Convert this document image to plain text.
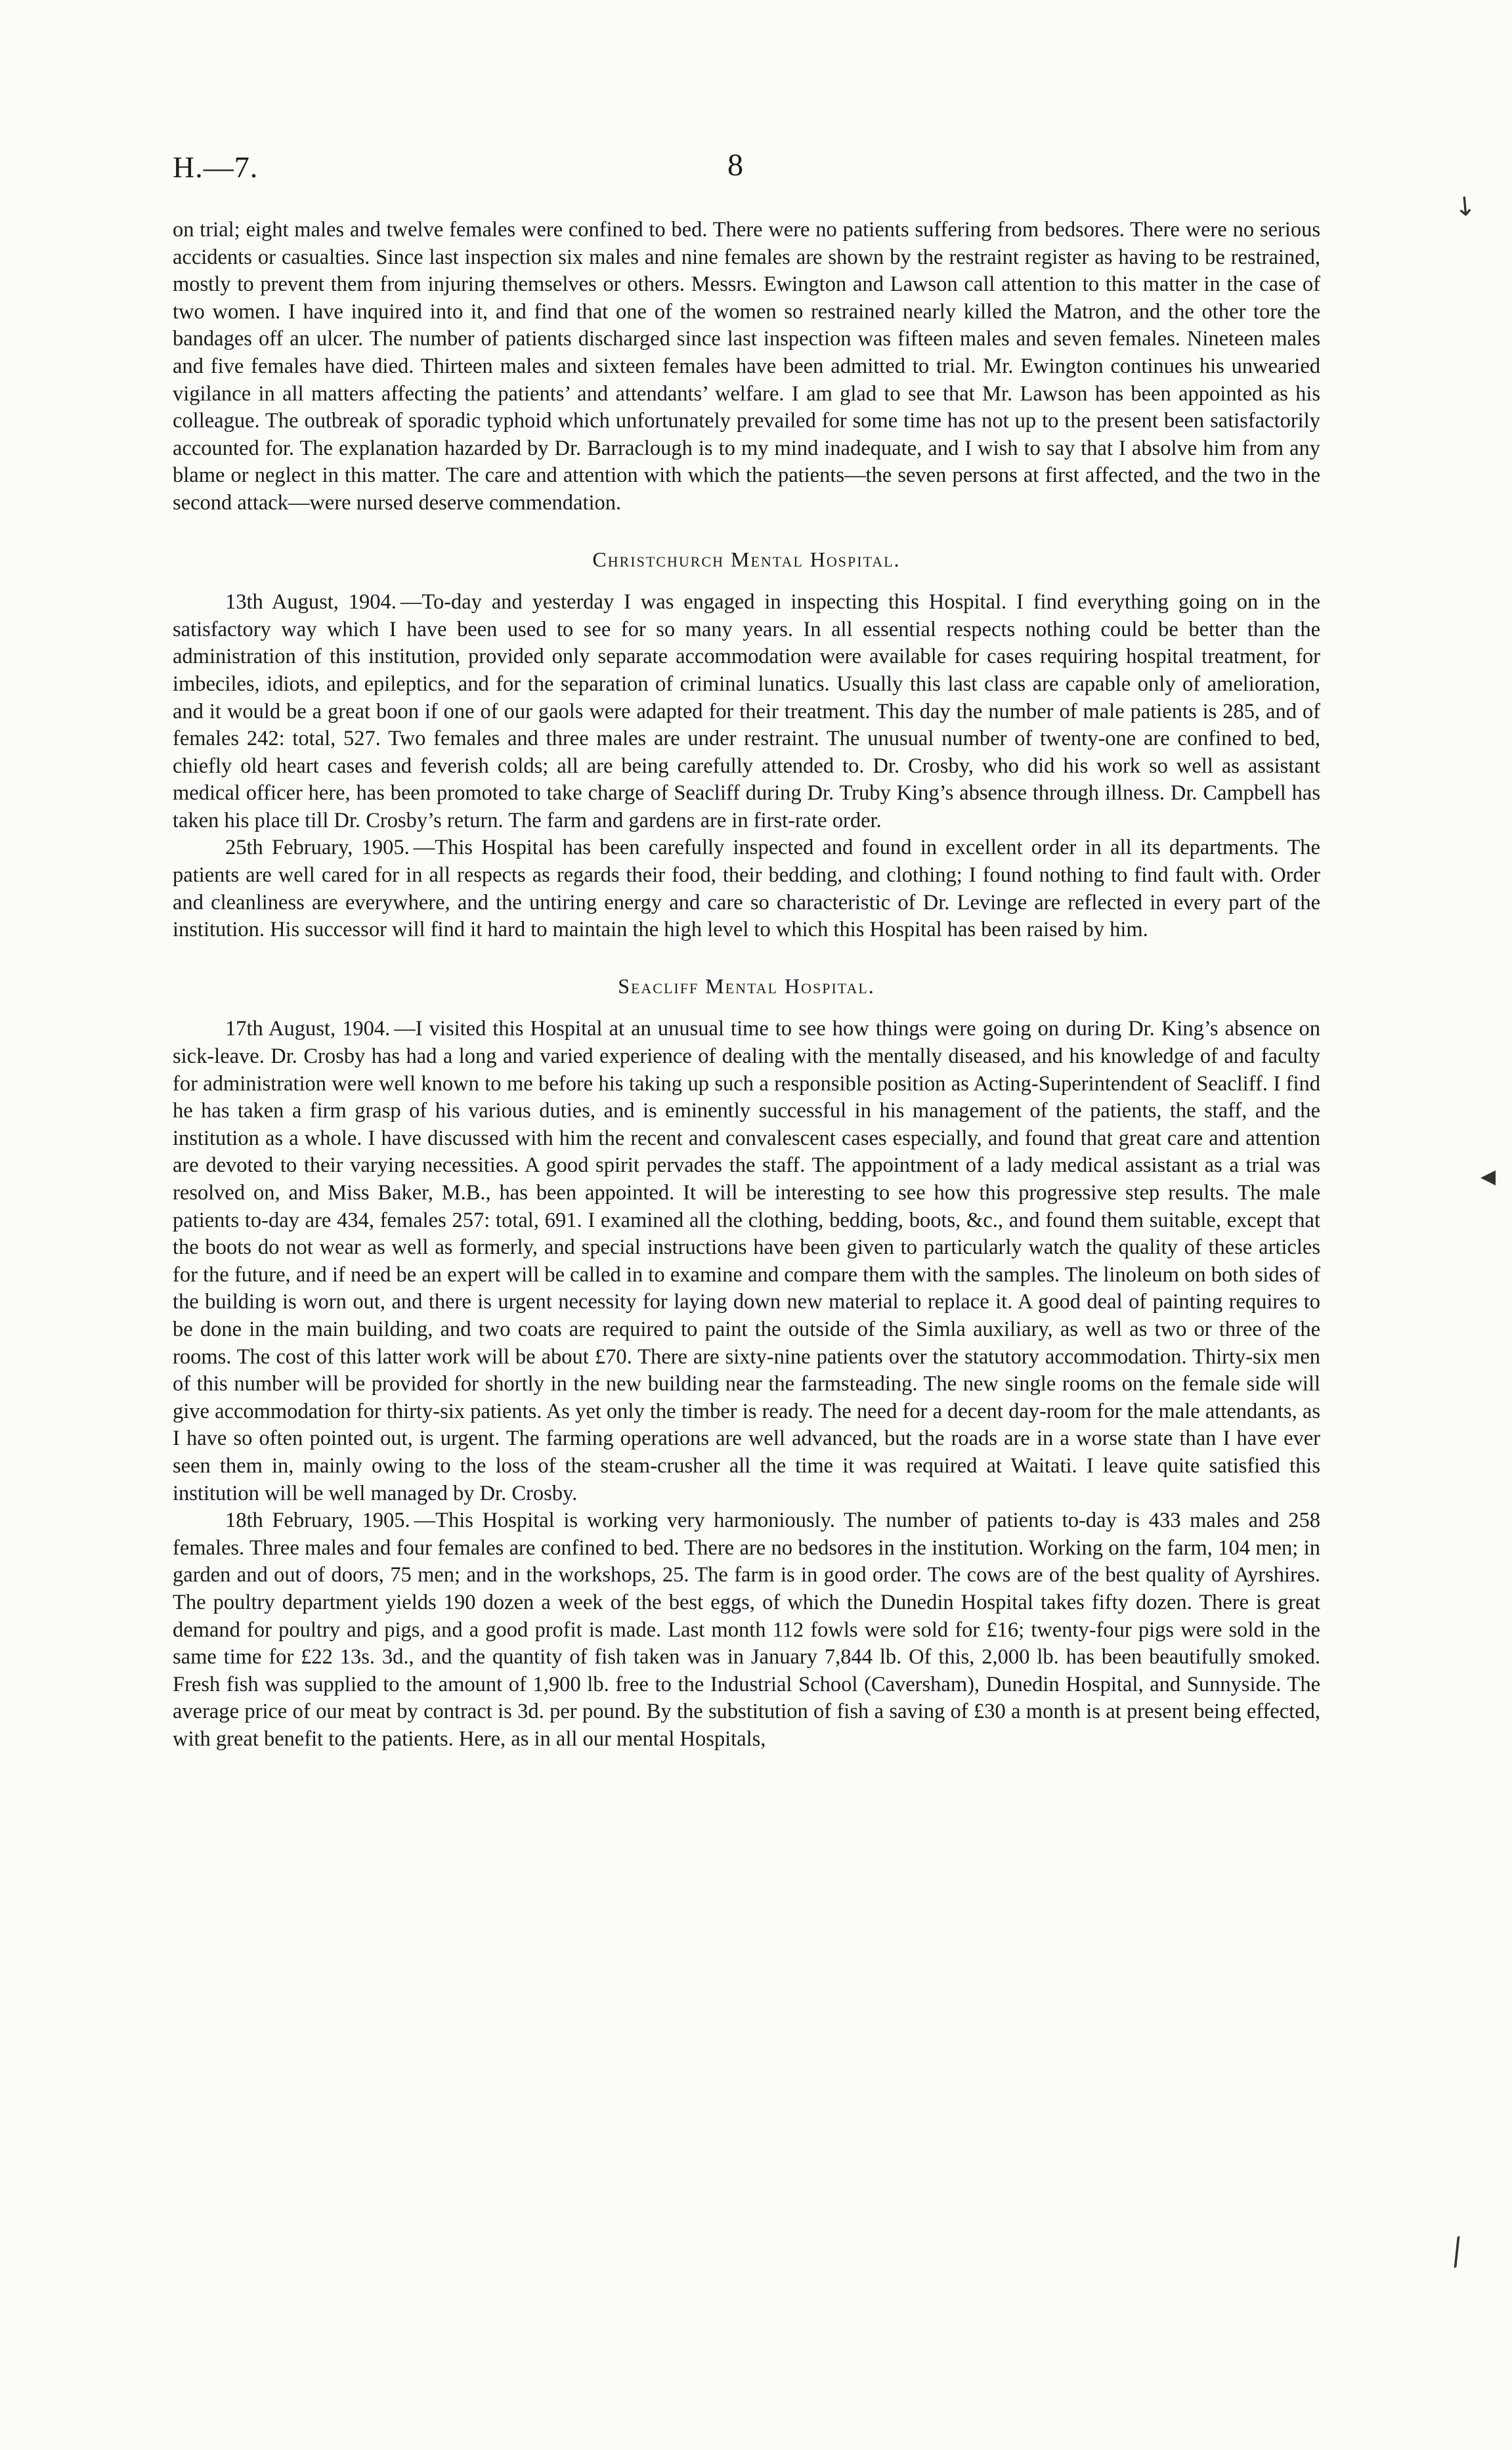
H.—7.	8
↘
◀
⁄

on trial; eight males and twelve females were confined to bed. There were no patients suffering from bedsores. There were no serious accidents or casualties. Since last inspection six males and nine females are shown by the restraint register as having to be restrained, mostly to prevent them from injuring themselves or others. Messrs. Ewington and Lawson call attention to this matter in the case of two women. I have inquired into it, and find that one of the women so restrained nearly killed the Matron, and the other tore the bandages off an ulcer. The number of patients discharged since last inspection was fifteen males and seven females. Nineteen males and five females have died. Thirteen males and sixteen females have been admitted to trial. Mr. Ewington continues his unwearied vigilance in all matters affecting the patients’ and attendants’ welfare. I am glad to see that Mr. Lawson has been appointed as his colleague. The outbreak of sporadic typhoid which unfortunately prevailed for some time has not up to the present been satisfactorily accounted for. The explanation hazarded by Dr. Barraclough is to my mind inadequate, and I wish to say that I absolve him from any blame or neglect in this matter. The care and attention with which the patients—the seven persons at first affected, and the two in the second attack—were nursed deserve commendation.

Christchurch Mental Hospital.

13th August, 1904. —To-day and yesterday I was engaged in inspecting this Hospital. I find everything going on in the satisfactory way which I have been used to see for so many years. In all essential respects nothing could be better than the administration of this institution, provided only separate accommodation were available for cases requiring hospital treatment, for imbeciles, idiots, and epileptics, and for the separation of criminal lunatics. Usually this last class are capable only of amelioration, and it would be a great boon if one of our gaols were adapted for their treatment. This day the number of male patients is 285, and of females 242: total, 527. Two females and three males are under restraint. The unusual number of twenty-one are confined to bed, chiefly old heart cases and feverish colds; all are being carefully attended to. Dr. Crosby, who did his work so well as assistant medical officer here, has been promoted to take charge of Seacliff during Dr. Truby King’s absence through illness. Dr. Campbell has taken his place till Dr. Crosby’s return. The farm and gardens are in first-rate order.

25th February, 1905. —This Hospital has been carefully inspected and found in excellent order in all its departments. The patients are well cared for in all respects as regards their food, their bedding, and clothing; I found nothing to find fault with. Order and cleanliness are everywhere, and the untiring energy and care so characteristic of Dr. Levinge are reflected in every part of the institution. His successor will find it hard to maintain the high level to which this Hospital has been raised by him.

Seacliff Mental Hospital.

17th August, 1904. —I visited this Hospital at an unusual time to see how things were going on during Dr. King’s absence on sick-leave. Dr. Crosby has had a long and varied experience of dealing with the mentally diseased, and his knowledge of and faculty for administration were well known to me before his taking up such a responsible position as Acting-Superintendent of Seacliff. I find he has taken a firm grasp of his various duties, and is eminently successful in his management of the patients, the staff, and the institution as a whole. I have discussed with him the recent and convalescent cases especially, and found that great care and attention are devoted to their varying necessities. A good spirit pervades the staff. The appointment of a lady medical assistant as a trial was resolved on, and Miss Baker, M.B., has been appointed. It will be interesting to see how this progressive step results. The male patients to-day are 434, females 257: total, 691. I examined all the clothing, bedding, boots, &c., and found them suitable, except that the boots do not wear as well as formerly, and special instructions have been given to particularly watch the quality of these articles for the future, and if need be an expert will be called in to examine and compare them with the samples. The linoleum on both sides of the building is worn out, and there is urgent necessity for laying down new material to replace it. A good deal of painting requires to be done in the main building, and two coats are required to paint the outside of the Simla auxiliary, as well as two or three of the rooms. The cost of this latter work will be about £70. There are sixty-nine patients over the statutory accommodation. Thirty-six men of this number will be provided for shortly in the new building near the farmsteading. The new single rooms on the female side will give accommodation for thirty-six patients. As yet only the timber is ready. The need for a decent day-room for the male attendants, as I have so often pointed out, is urgent. The farming operations are well advanced, but the roads are in a worse state than I have ever seen them in, mainly owing to the loss of the steam-crusher all the time it was required at Waitati. I leave quite satisfied this institution will be well managed by Dr. Crosby.

18th February, 1905. —This Hospital is working very harmoniously. The number of patients to-day is 433 males and 258 females. Three males and four females are confined to bed. There are no bedsores in the institution. Working on the farm, 104 men; in garden and out of doors, 75 men; and in the workshops, 25. The farm is in good order. The cows are of the best quality of Ayrshires. The poultry department yields 190 dozen a week of the best eggs, of which the Dunedin Hospital takes fifty dozen. There is great demand for poultry and pigs, and a good profit is made. Last month 112 fowls were sold for £16; twenty-four pigs were sold in the same time for £22 13s. 3d., and the quantity of fish taken was in January 7,844 lb. Of this, 2,000 lb. has been beautifully smoked. Fresh fish was supplied to the amount of 1,900 lb. free to the Industrial School (Caversham), Dunedin Hospital, and Sunnyside. The average price of our meat by contract is 3d. per pound. By the substitution of fish a saving of £30 a month is at present being effected, with great benefit to the patients. Here, as in all our mental Hospitals,
